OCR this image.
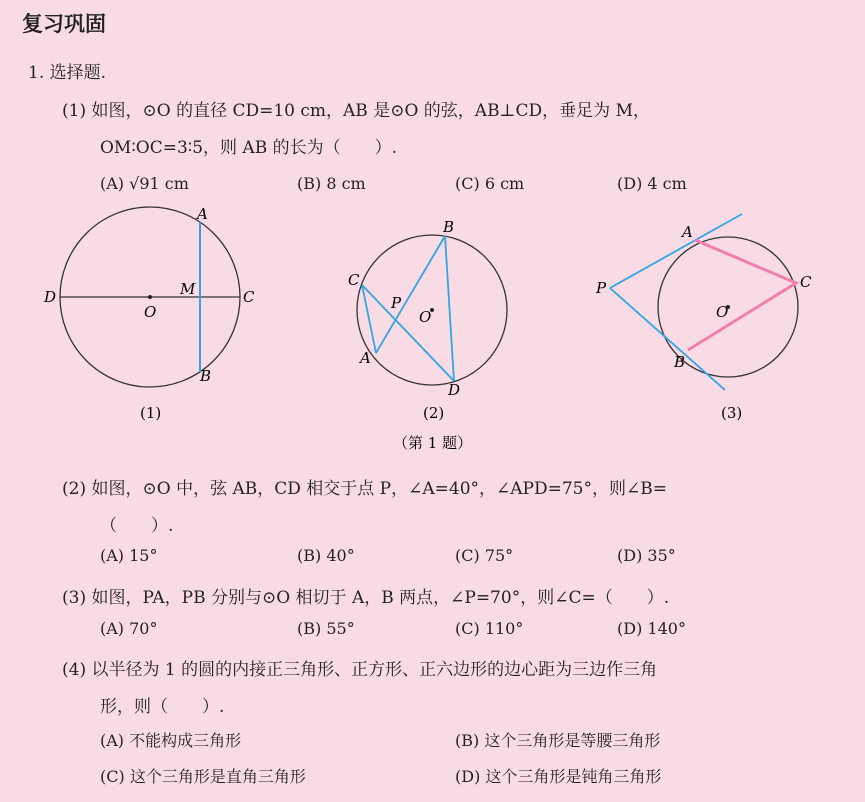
复习巩固
1. 选择题.
(1) 如图，⊙O 的直径 CD=10 cm，AB 是⊙O 的弦，AB⊥CD，垂足为 M，
OM∶OC=3∶5，则 AB 的长为（　　）.
(A) √91 cm	(B) 8 cm	(C) 6 cm	(D) 4 cm
A
B
C
D	M
O
(1)
B
C
A
D
P
O
(2)
A
B
C
P
O
(3)
（第 1 题）
(2) 如图，⊙O 中，弦 AB，CD 相交于点 P，∠A=40°，∠APD=75°，则∠B=
（　　）.
(A) 15°	(B) 40°	(C) 75°	(D) 35°
(3) 如图，PA，PB 分别与⊙O 相切于 A，B 两点，∠P=70°，则∠C=（　　）.
(A) 70°	(B) 55°	(C) 110°	(D) 140°
(4) 以半径为 1 的圆的内接正三角形、正方形、正六边形的边心距为三边作三角
形，则（　　）.
(A) 不能构成三角形	(B) 这个三角形是等腰三角形
(C) 这个三角形是直角三角形	(D) 这个三角形是钝角三角形
